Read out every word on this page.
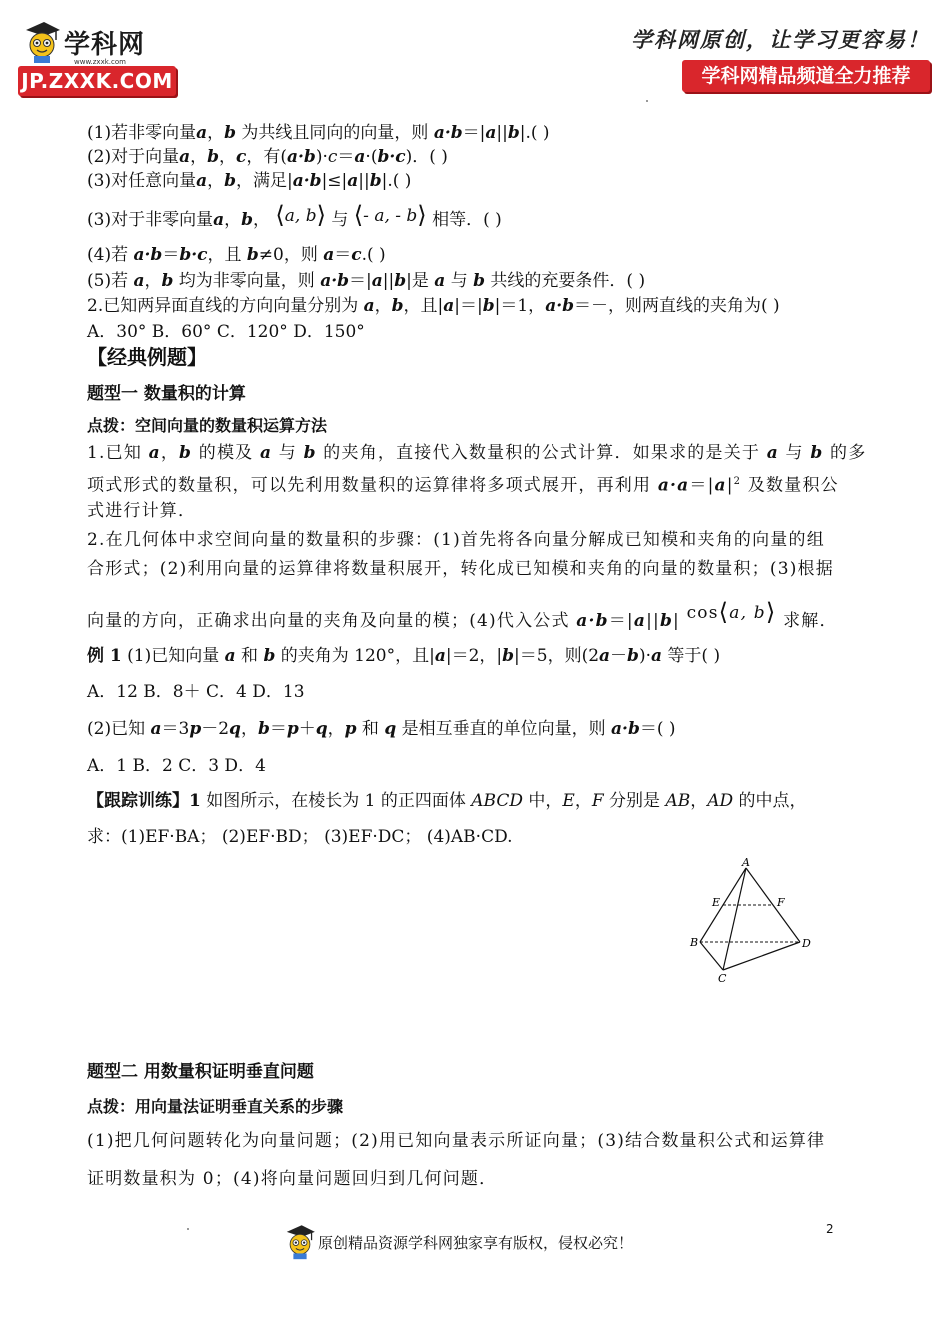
学科网
www.zxxk.com
JP.ZXXK.COM
学科网原创，让学习更容易！
学科网精品频道全力推荐
(1)若非零向量a，b 为共线且同向的向量，则 a·b＝|a||b|.( )
(2)对于向量a，b，c，有(a·b)·c＝a·(b·c)．( )
(3)对任意向量a，b，满足|a·b|≤|a||b|.( )
(3)对于非零向量a，b， ⟨a, b⟩ 与 ⟨- a, - b⟩ 相等．( )
(4)若 a·b＝b·c，且 b≠0，则 a＝c.( )
(5)若 a，b 均为非零向量，则 a·b＝|a||b|是 a 与 b 共线的充要条件．( )
2.已知两异面直线的方向向量分别为 a，b，且|a|＝|b|＝1，a·b＝－，则两直线的夹角为( )
A．30° B．60° C．120° D．150°
【经典例题】
题型一 数量积的计算
点拨：空间向量的数量积运算方法
1.已知 a，b 的模及 a 与 b 的夹角，直接代入数量积的公式计算．如果求的是关于 a 与 b 的多
项式形式的数量积，可以先利用数量积的运算律将多项式展开，再利用 $a\cdot a=|a|^2$ 及数量积公
式进行计算．
2.在几何体中求空间向量的数量积的步骤：(1)首先将各向量分解成已知模和夹角的向量的组
合形式；(2)利用向量的运算律将数量积展开，转化成已知模和夹角的向量的数量积；(3)根据
向量的方向，正确求出向量的夹角及向量的模；(4)代入公式 a·b＝|a||b| cos⟨a, b⟩ 求解．
例 1 (1)已知向量 a 和 b 的夹角为 120°，且|a|＝2，|b|＝5，则(2a－b)·a 等于( )
A．12 B．8＋ C．4 D．13
(2)已知 a＝3p－2q，b＝p＋q，p 和 q 是相互垂直的单位向量，则 a·b＝( )
A．1 B．2 C．3 D．4
【跟踪训练】1 如图所示，在棱长为 1 的正四面体 ABCD 中，E，F 分别是 AB，AD 的中点，
求：(1)EF·BA； (2)EF·BD； (3)EF·DC； (4)AB·CD.
A
E	F
B	D
C
题型二 用数量积证明垂直问题
点拨：用向量法证明垂直关系的步骤
(1)把几何问题转化为向量问题；(2)用已知向量表示所证向量；(3)结合数量积公式和运算律
证明数量积为 0；(4)将向量问题回归到几何问题．
原创精品资源学科网独家享有版权，侵权必究！
2
